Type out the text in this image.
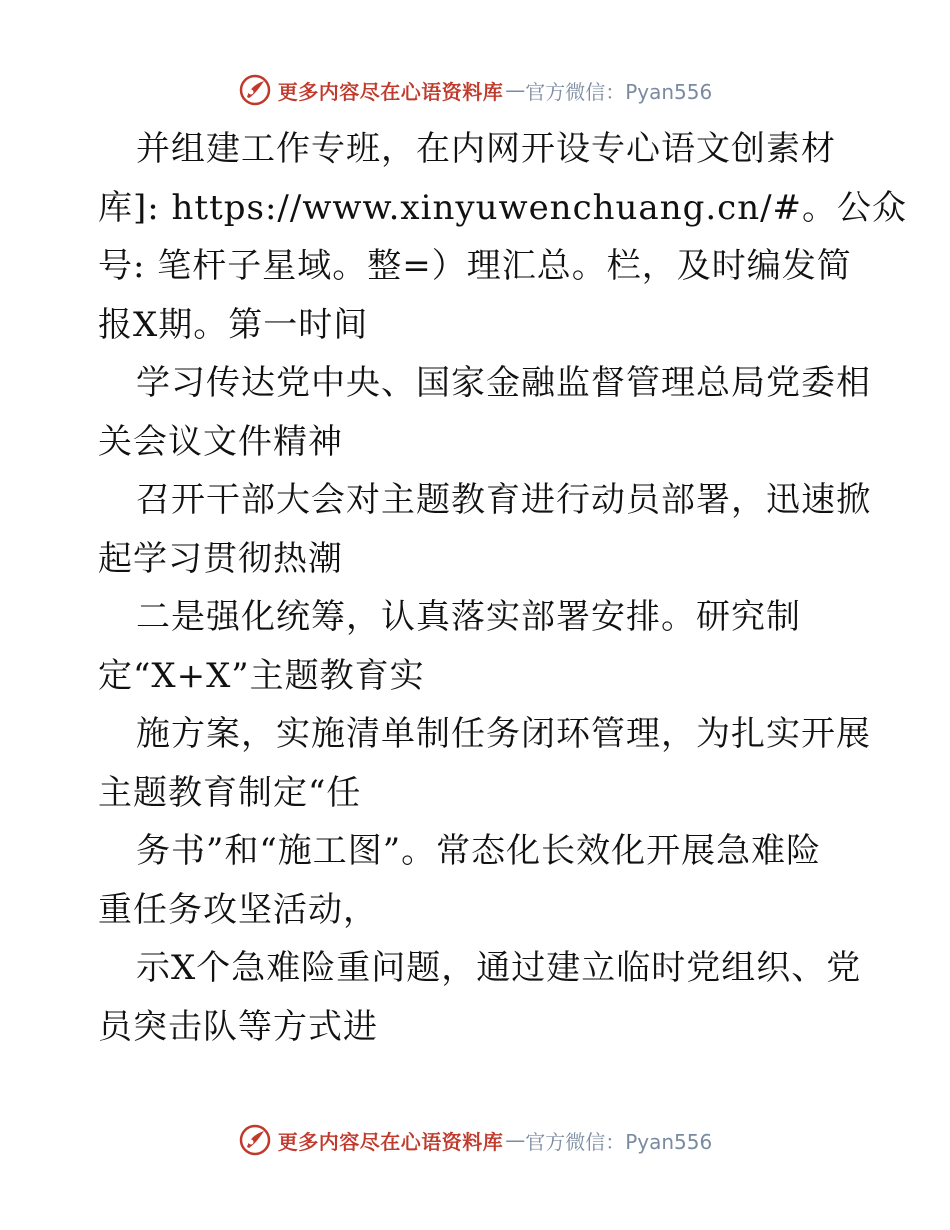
更多内容尽在心语资料库 — 官方微信：Pyan556
并组建工作专班，在内网开设专心语文创素材
库]: https://www.xinyuwenchuang.cn/#。公众
号: 笔杆子星域。整=）理汇总。栏，及时编发简
报X期。第一时间
学习传达党中央、国家金融监督管理总局党委相
关会议文件精神
召开干部大会对主题教育进行动员部署，迅速掀
起学习贯彻热潮
二是强化统筹，认真落实部署安排。研究制
定“X+X”主题教育实
施方案，实施清单制任务闭环管理，为扎实开展
主题教育制定“任
务书”和“施工图”。常态化长效化开展急难险
重任务攻坚活动，
示X个急难险重问题，通过建立临时党组织、党
员突击队等方式进
更多内容尽在心语资料库 — 官方微信：Pyan556
